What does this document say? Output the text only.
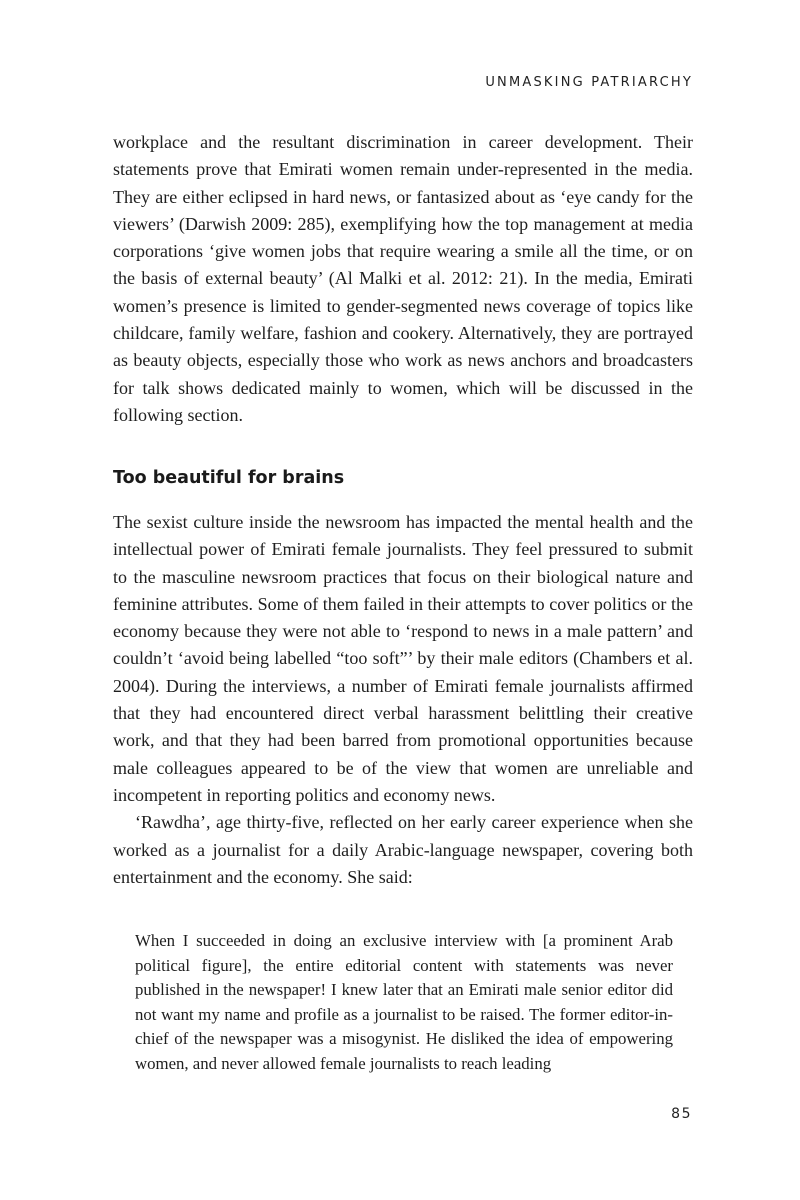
UNMASKING PATRIARCHY

workplace and the resultant discrimination in career development. Their statements prove that Emirati women remain under-represented in the media. They are either eclipsed in hard news, or fantasized about as ‘eye candy for the viewers’ (Darwish 2009: 285), exemplifying how the top management at media corporations ‘give women jobs that require wearing a smile all the time, or on the basis of external beauty’ (Al Malki et al. 2012: 21). In the media, Emirati women’s presence is limited to gender-segmented news coverage of topics like childcare, family welfare, fashion and cookery. Alternatively, they are portrayed as beauty objects, especially those who work as news anchors and broadcasters for talk shows dedicated mainly to women, which will be discussed in the following section.

Too beautiful for brains

The sexist culture inside the newsroom has impacted the mental health and the intellectual power of Emirati female journalists. They feel pressured to submit to the masculine newsroom practices that focus on their biological nature and feminine attributes. Some of them failed in their attempts to cover politics or the economy because they were not able to ‘respond to news in a male pattern’ and couldn’t ‘avoid being labelled “too soft”’ by their male editors (Chambers et al. 2004). During the interviews, a number of Emirati female journalists affirmed that they had encountered direct verbal harassment belittling their creative work, and that they had been barred from promotional opportunities because male colleagues appeared to be of the view that women are unreliable and incompetent in reporting politics and economy news.

‘Rawdha’, age thirty-five, reflected on her early career experience when she worked as a journalist for a daily Arabic-language newspaper, covering both entertainment and the economy. She said:

When I succeeded in doing an exclusive interview with [a prominent Arab political figure], the entire editorial content with statements was never published in the newspaper! I knew later that an Emirati male senior editor did not want my name and profile as a journalist to be raised. The former editor-in-chief of the newspaper was a misogynist. He disliked the idea of empowering women, and never allowed female journalists to reach leading

85
